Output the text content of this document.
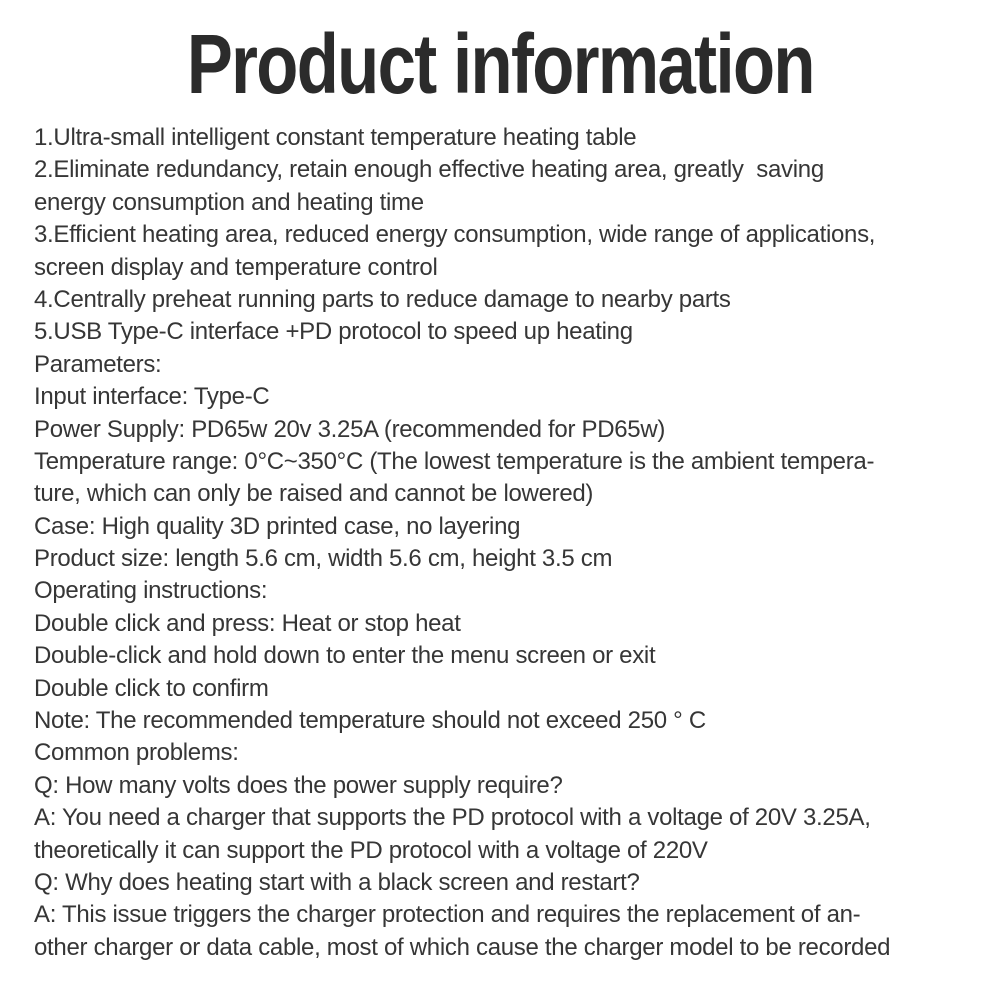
Product information
1.Ultra-small intelligent constant temperature heating table
2.Eliminate redundancy, retain enough effective heating area, greatly  saving
energy consumption and heating time
3.Efficient heating area, reduced energy consumption, wide range of applications,
screen display and temperature control
4.Centrally preheat running parts to reduce damage to nearby parts
5.USB Type-C interface +PD protocol to speed up heating
Parameters:
Input interface: Type-C
Power Supply: PD65w 20v 3.25A (recommended for PD65w)
Temperature range: 0°C~350°C (The lowest temperature is the ambient tempera-
ture, which can only be raised and cannot be lowered)
Case: High quality 3D printed case, no layering
Product size: length 5.6 cm, width 5.6 cm, height 3.5 cm
Operating instructions:
Double click and press: Heat or stop heat
Double-click and hold down to enter the menu screen or exit
Double click to confirm
Note: The recommended temperature should not exceed 250 ° C
Common problems:
Q: How many volts does the power supply require?
A: You need a charger that supports the PD protocol with a voltage of 20V 3.25A,
theoretically it can support the PD protocol with a voltage of 220V
Q: Why does heating start with a black screen and restart?
A: This issue triggers the charger protection and requires the replacement of an-
other charger or data cable, most of which cause the charger model to be recorded
